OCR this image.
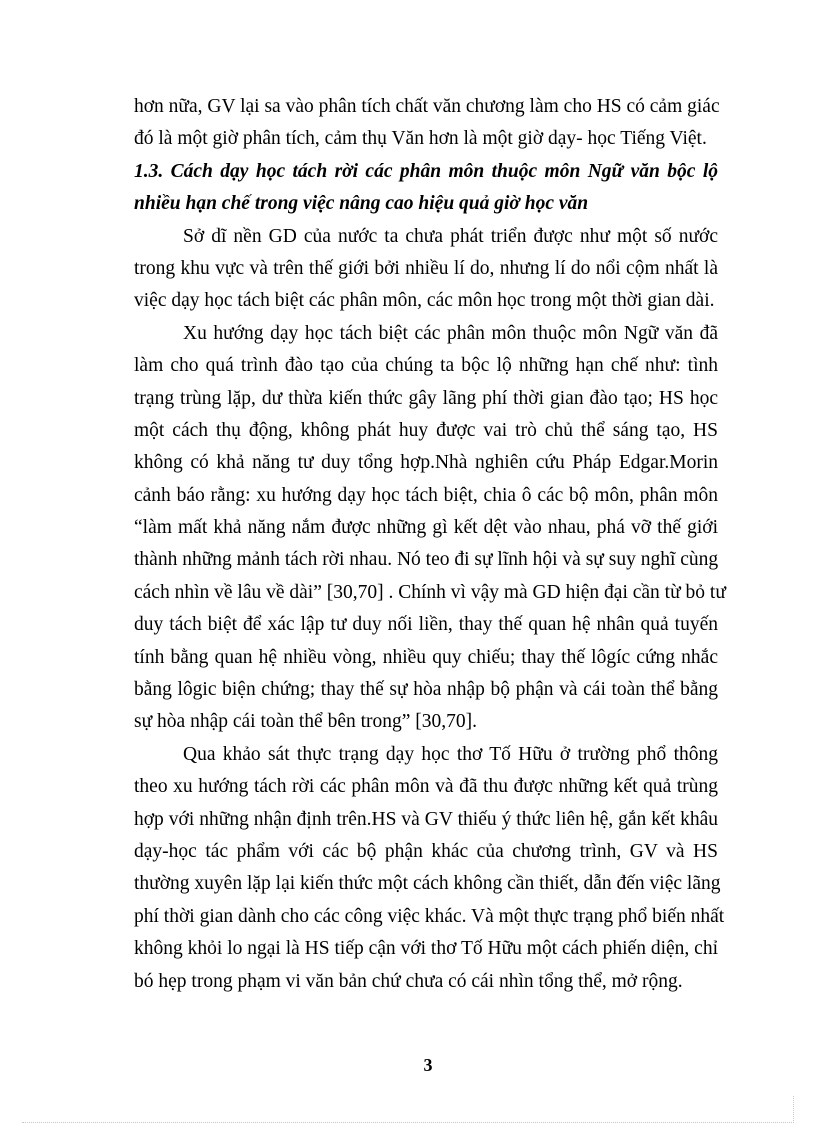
hơn nữa, GV lại sa vào phân tích chất văn chương làm cho HS có cảm giác
đó là một giờ phân tích, cảm thụ Văn hơn là một giờ dạy- học Tiếng Việt.
1.3. Cách dạy học tách rời các phân môn thuộc môn Ngữ văn bộc lộ
nhiều hạn chế trong việc nâng cao hiệu quả giờ học văn
Sở dĩ nền GD của nước ta chưa phát triển được như một số nước
trong khu vực và trên thế giới bởi nhiều lí do, nhưng lí do nổi cộm nhất là
việc dạy học tách biệt các phân môn, các môn học trong một thời gian dài.
Xu hướng dạy học tách biệt các phân môn thuộc môn Ngữ văn đã
làm cho quá trình đào tạo của chúng ta bộc lộ những hạn chế như: tình
trạng trùng lặp, dư thừa kiến thức gây lãng phí thời gian đào tạo; HS học
một cách thụ động, không phát huy được vai trò chủ thể sáng tạo, HS
không có khả năng tư duy tổng hợp.Nhà nghiên cứu Pháp Edgar.Morin
cảnh báo rằng: xu hướng dạy học tách biệt, chia ô các bộ môn, phân môn
“làm mất khả năng nắm được những gì kết dệt vào nhau, phá vỡ thế giới
thành những mảnh tách rời nhau. Nó teo đi sự lĩnh hội và sự suy nghĩ cùng
cách nhìn về lâu về dài” [30,70] . Chính vì vậy mà GD hiện đại cần từ bỏ tư
duy tách biệt để xác lập tư duy nối liền, thay thế quan hệ nhân quả tuyến
tính bằng quan hệ nhiều vòng, nhiều quy chiếu; thay thế lôgíc cứng nhắc
bằng lôgic biện chứng; thay thế sự hòa nhập bộ phận và cái toàn thể bằng
sự hòa nhập cái toàn thể bên trong” [30,70].
Qua khảo sát thực trạng dạy học thơ Tố Hữu ở trường phổ thông
theo xu hướng tách rời các phân môn và đã thu được những kết quả trùng
hợp với những nhận định trên.HS và GV thiếu ý thức liên hệ, gắn kết khâu
dạy-học tác phẩm với các bộ phận khác của chương trình, GV và HS
thường xuyên lặp lại kiến thức một cách không cần thiết, dẫn đến việc lãng
phí thời gian dành cho các công việc khác. Và một thực trạng phổ biến nhất
không khỏi lo ngại là HS tiếp cận với thơ Tố Hữu một cách phiến diện, chỉ
bó hẹp trong phạm vi văn bản chứ chưa có cái nhìn tổng thể, mở rộng.
3
